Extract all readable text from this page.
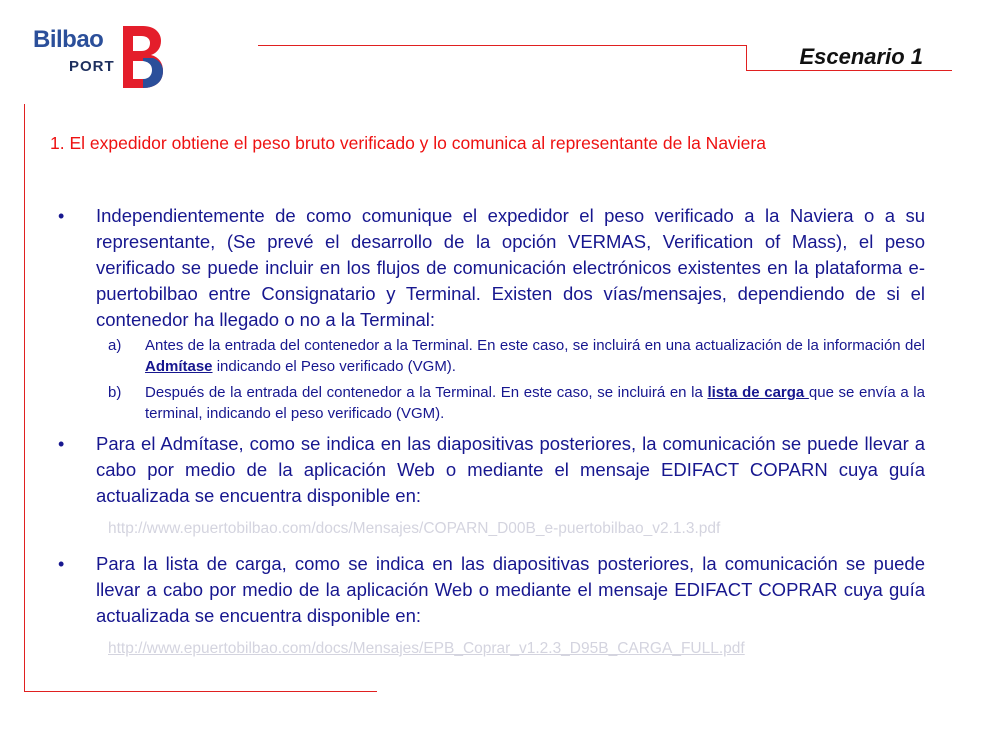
Bilbao
PORT	Escenario 1
1. El expedidor obtiene el peso bruto verificado y lo comunica al representante de la Naviera
•	Independientemente de como comunique el expedidor el peso verificado a la Naviera o a su representante, (Se prevé el desarrollo de la opción VERMAS, Verification of Mass), el peso verificado se puede incluir en los flujos de comunicación electrónicos existentes en la plataforma e-puertobilbao entre Consignatario y Terminal. Existen dos vías/mensajes, dependiendo de si el contenedor ha llegado o no a la Terminal:
a)	Antes de la entrada del contenedor a la Terminal. En este caso, se incluirá en una actualización de la información del Admítase indicando el Peso verificado (VGM).
b)	Después de la entrada del contenedor a la Terminal. En este caso, se incluirá en la lista de carga que se envía a la terminal, indicando el peso verificado (VGM).
•	Para el Admítase, como se indica en las diapositivas posteriores, la comunicación se puede llevar a cabo por medio de la aplicación Web o mediante el mensaje EDIFACT COPARN cuya guía actualizada se encuentra disponible en:
http://www.epuertobilbao.com/docs/Mensajes/COPARN_D00B_e-puertobilbao_v2.1.3.pdf
•	Para la lista de carga, como se indica en las diapositivas posteriores, la comunicación se puede llevar a cabo por medio de la aplicación Web o mediante el mensaje EDIFACT COPRAR cuya guía actualizada se encuentra disponible en:
http://www.epuertobilbao.com/docs/Mensajes/EPB_Coprar_v1.2.3_D95B_CARGA_FULL.pdf
